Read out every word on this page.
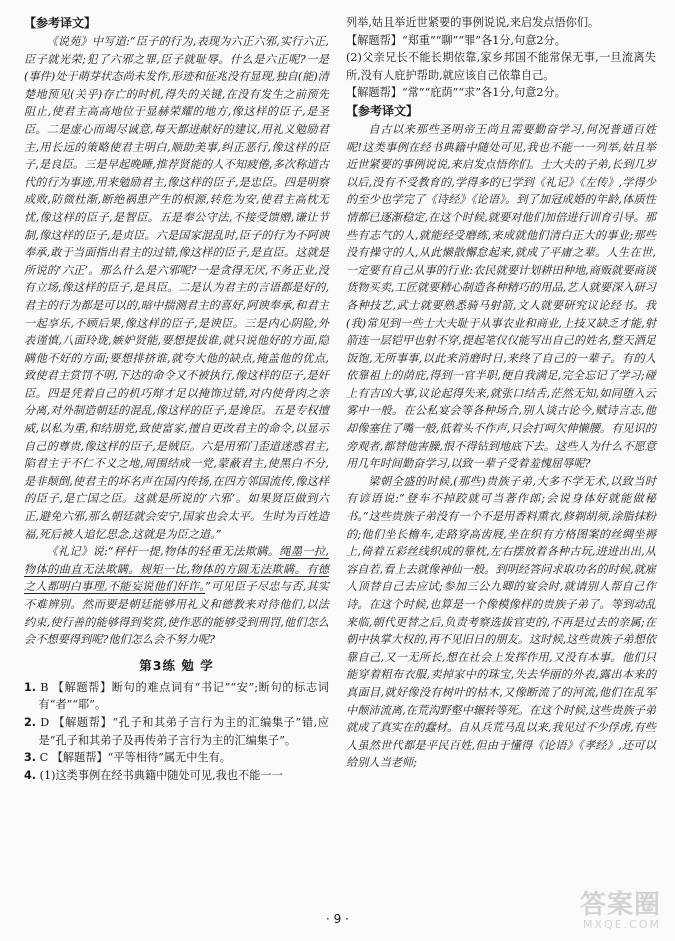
【参考译文】

《说苑》中写道:“臣子的行为,表现为六正六邪,实行六正,臣子就光荣;犯了六邪之罪,臣子就耻辱。什么是六正呢?一是(事件)处于萌芽状态尚未发作,形迹和征兆没有显现,独自(能)清楚地预见(关乎)存亡的时机,得失的关键,在没有发生之前预先阻止,使君主高高地位于显赫荣耀的地方,像这样的臣子,是圣臣。二是虚心而竭尽诚意,每天都进献好的建议,用礼义勉励君主,用长远的策略使君主明白,顺助美事,纠正恶行,像这样的臣子,是良臣。三是早起晚睡,推荐贤能的人不知疲倦,多次称道古代的行为事迹,用来勉励君主,像这样的臣子,是忠臣。四是明察成败,防微杜渐,断绝祸患产生的根源,转危为安,使君主高枕无忧,像这样的臣子,是智臣。五是奉公守法,不接受馈赠,谦让节制,像这样的臣子,是贞臣。六是国家混乱时,臣子的行为不阿谀奉承,敢于当面指出君主的过错,像这样的臣子,是直臣。这就是所说的‘六正’。那么什么是六邪呢?一是贪得无厌,不务正业,没有立场,像这样的臣子,是具臣。二是认为君主的言语都是好的,君主的行为都是可以的,暗中揣测君主的喜好,阿谀奉承,和君主一起享乐,不顾后果,像这样的臣子,是谀臣。三是内心阴险,外表谨慎,八面玲珑,嫉妒贤能,要想提拔谁,就只说他好的方面,隐瞒他不好的方面;要想排挤谁,就夸大他的缺点,掩盖他的优点,致使君主赏罚不明,下达的命令又不被执行,像这样的臣子,是奸臣。四是凭着自己的机巧辩才足以掩饰过错,对内使骨肉之亲分离,对外制造朝廷的混乱,像这样的臣子,是谗臣。五是专权擅威,以私为重,和结朋党,致使富家,擅自更改君主的命令,以显示自己的尊贵,像这样的臣子,是贼臣。六是用邪门歪道迷惑君主,陷君主于不仁不义之地,周围结成一党,蒙蔽君主,使黑白不分,是非颠倒,使君主的坏名声在国内传扬,在四方邻国流传,像这样的臣子,是亡国之臣。这就是所说的‘六邪’。如果贤臣做到六正,避免六邪,那么朝廷就会安宁,国家也会太平。生时为百姓造福,死后被人追忆思念,这就是为臣之道。”

《礼记》说:“秤杆一提,物体的轻重无法欺瞒。绳墨一拉,物体的曲直无法欺瞒。规矩一比,物体的方圆无法欺瞒。有德之人都明白事理,不能妄说他们奸诈。”可见臣子尽忠与否,其实不难辨别。然而要是朝廷能够用礼义和德教来对待他们,以法约束,使行善的能够得到奖赏,使作恶的能够受到刑罚,他们怎么会不想要得到呢?他们怎么会不努力呢?

第3练 勉 学
1. B 【解题帮】断句的难点词有“书记”“安”;断句的标志词有“者”“耶”。
2. D 【解题帮】“孔子和其弟子言行为主的汇编集子”错,应是“孔子和其弟子及再传弟子言行为主的汇编集子”。
3. C 【解题帮】“平等相待”属无中生有。
4. (1)这类事例在经书典籍中随处可见,我也不能一一

列举,姑且举近世紧要的事例说说,来启发点悟你们。

【解题帮】“郑重”“聊”“罪”各1分,句意2分。

(2)父亲兄长不能长期依靠,家乡邦国不能常保无事,一旦流离失所,没有人庇护帮助,就应该自己依靠自己。

【解题帮】“常”“庇荫”“求”各1分,句意2分。

【参考译文】

自古以来那些圣明帝王尚且需要勤奋学习,何况普通百姓呢!这类事例在经书典籍中随处可见,我也不能一一列举,姑且举近世紧要的事例说说,来启发点悟你们。士大夫的子弟,长到几岁以后,没有不受教育的,学得多的已学到《礼记》《左传》,学得少的至少也学完了《诗经》《论语》。到了加冠成婚的年龄,体质性情都已逐渐稳定,在这个时候,就要对他们加倍进行训育引导。那些有志气的人,就能经受磨练,来成就他们清白正大的事业;那些没有操守的人,从此懒散懈怠起来,就成了平庸之辈。人生在世,一定要有自己从事的行业:农民就要计划耕田种地,商贩就要商谈货物买卖,工匠就要精心制造各种精巧的用品,艺人就要深入研习各种技艺,武士就要熟悉骑马射箭,文人就要研究议论经书。我(我)常见到一些士大夫耻于从事农业和商业,上技又缺乏才能,射箭连一层铠甲也射不穿,提起笔仅仅能写出自己的姓名,整天酒足饭饱,无所事事,以此来消磨时日,来终了自己的一辈子。有的人依靠祖上的荫庇,得到一官半职,便自我满足,完全忘记了学习;碰上有吉凶大事,议论起得失来,就张口结舌,茫然无知,如同堕入云雾中一般。在公私宴会等各种场合,别人谈古论今,赋诗言志,他却像塞住了嘴一般,低着头不作声,只会打呵欠伸懒腰。有见识的旁观者,都替他害臊,恨不得钻到地底下去。这些人为什么不愿意用几年时间勤奋学习,以致一辈子受着羞愧屈辱呢?

梁朝全盛的时候,(那些)贵族子弟,大多不学无术,以致当时有谚语说:“登车不掉跤就可当著作郎;会说身体好就能做秘书。”这些贵族子弟没有一个不是用香料熏衣,修剃胡须,涂脂抹粉的;他们坐长檐车,走路穿高齿屐,坐在织有方格图案的丝绸坐褥上,倚着五彩丝线织成的靠枕,左右摆放着各种古玩,进进出出,从容自若,看上去就像神仙一般。到明经答问求取功名的时候,就雇人顶替自己去应试;参加三公九卿的宴会时,就请别人帮自己作诗。在这个时候,也算是一个像模像样的贵族子弟了。等到动乱来临,朝代更替之后,负责考察选拔官吏的,不再是过去的亲属;在朝中执掌大权的,再不见旧日的朋友。这时候,这些贵族子弟想依靠自己,又一无所长,想在社会上发挥作用,又没有本事。他们只能穿着粗布衣服,卖掉家中的珠宝,失去华丽的外表,露出本来的真面目,就好像没有树叶的枯木,又像断流了的河流,他们在乱军中颠沛流离,在荒沟野壑中辗转等死。在这个时候,这些贵族子弟就成了真实在的蠢材。自从兵荒马乱以来,我见过不少俘虏,有些人虽然世代都是平民百姓,但由于懂得《论语》《孝经》,还可以给别人当老师;

· 9 ·	答案圈
MXQE.COM
